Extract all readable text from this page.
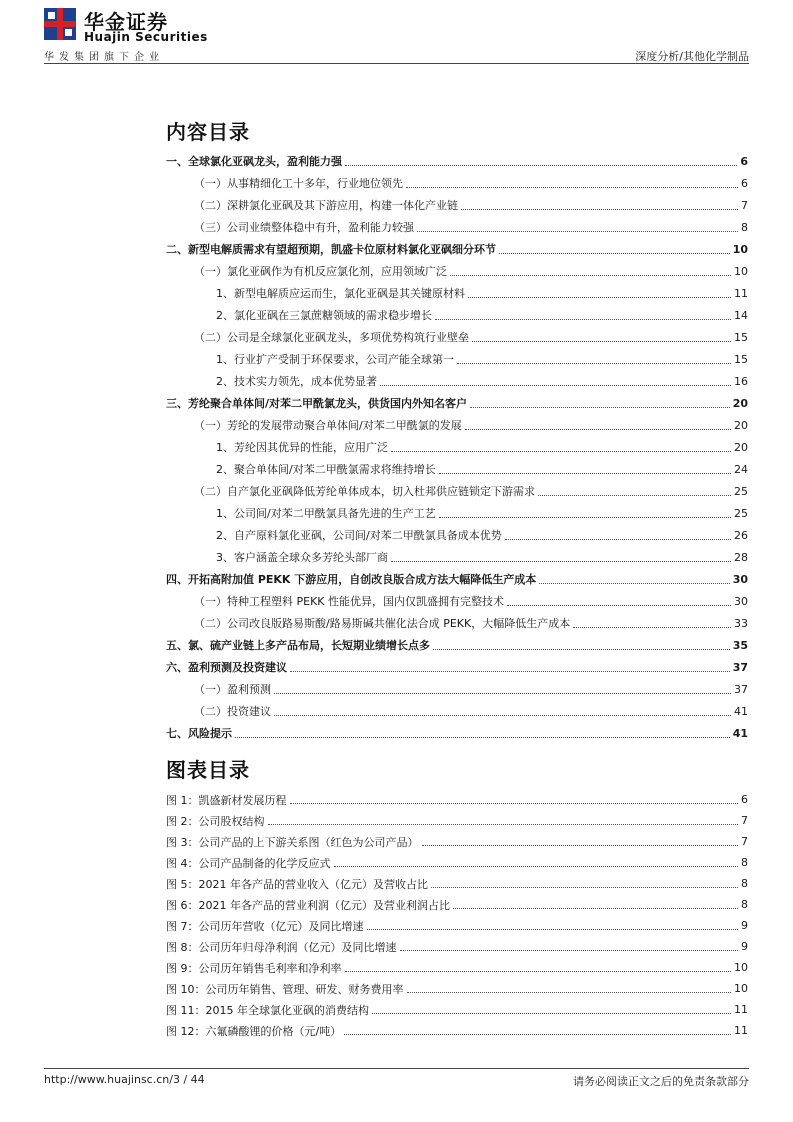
华金证券
Huajin Securities
华发集团旗下企业	深度分析/其他化学制品
内容目录
一、全球氯化亚砜龙头，盈利能力强	6
（一）从事精细化工十多年，行业地位领先	6
（二）深耕氯化亚砜及其下游应用，构建一体化产业链	7
（三）公司业绩整体稳中有升，盈利能力较强	8
二、新型电解质需求有望超预期，凯盛卡位原材料氯化亚砜细分环节	10
（一）氯化亚砜作为有机反应氯化剂，应用领域广泛	10
1、新型电解质应运而生，氯化亚砜是其关键原材料	11
2、氯化亚砜在三氯蔗糖领域的需求稳步增长	14
（二）公司是全球氯化亚砜龙头，多项优势构筑行业壁垒	15
1、行业扩产受制于环保要求，公司产能全球第一	15
2、技术实力领先，成本优势显著	16
三、芳纶聚合单体间/对苯二甲酰氯龙头，供货国内外知名客户	20
（一）芳纶的发展带动聚合单体间/对苯二甲酰氯的发展	20
1、芳纶因其优异的性能，应用广泛	20
2、聚合单体间/对苯二甲酰氯需求将维持增长	24
（二）自产氯化亚砜降低芳纶单体成本，切入杜邦供应链锁定下游需求	25
1、公司间/对苯二甲酰氯具备先进的生产工艺	25
2、自产原料氯化亚砜，公司间/对苯二甲酰氯具备成本优势	26
3、客户涵盖全球众多芳纶头部厂商	28
四、开拓高附加值 PEKK 下游应用，自创改良版合成方法大幅降低生产成本	30
（一）特种工程塑料 PEKK 性能优异，国内仅凯盛拥有完整技术	30
（二）公司改良版路易斯酸/路易斯碱共催化法合成 PEKK，大幅降低生产成本	33
五、氯、硫产业链上多产品布局，长短期业绩增长点多	35
六、盈利预测及投资建议	37
（一）盈利预测	37
（二）投资建议	41
七、风险提示	41
图表目录
图 1：凯盛新材发展历程	6
图 2：公司股权结构	7
图 3：公司产品的上下游关系图（红色为公司产品）	7
图 4：公司产品制备的化学反应式	8
图 5：2021 年各产品的营业收入（亿元）及营收占比	8
图 6：2021 年各产品的营业利润（亿元）及营业利润占比	8
图 7：公司历年营收（亿元）及同比增速	9
图 8：公司历年归母净利润（亿元）及同比增速	9
图 9：公司历年销售毛利率和净利率	10
图 10：公司历年销售、管理、研发、财务费用率	10
图 11：2015 年全球氯化亚砜的消费结构	11
图 12：六氟磷酸锂的价格（元/吨）	11
http://www.huajinsc.cn/3 / 44	请务必阅读正文之后的免责条款部分
